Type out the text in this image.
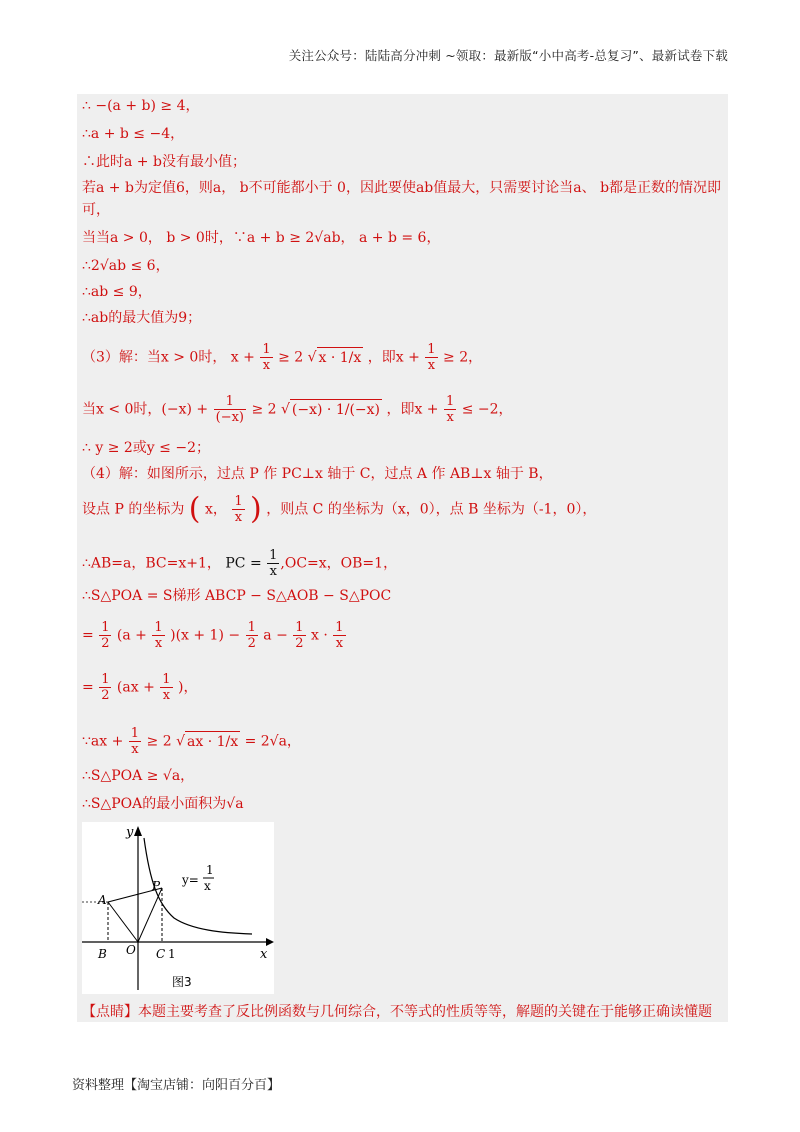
关注公众号：陆陆高分冲刺 ~领取：最新版“小中高考-总复习”、最新试卷下载
∴ −(a + b) ≥ 4，
∴a + b ≤ −4，
∴此时a + b没有最小值；
若a + b为定值6，则a， b不可能都小于 0，因此要使ab值最大，只需要讨论当a、 b都是正数的情况即
可，
当当a > 0， b > 0时，∵a + b ≥ 2√ab， a + b = 6，
∴2√ab ≤ 6，
∴ab ≤ 9，
∴ab的最大值为9；
（3）解：当x > 0时， $x + \frac{1}{x} \ge 2$ √ x · 1/x ，即$x + \frac{1}{x} \ge 2$，
当x < 0时，$(-x) + \frac{1}{(-x)} \ge 2$ √ (−x) · 1/(−x) ，即$x + \frac{1}{x} \le -2$，
∴ y ≥ 2或y ≤ −2；
（4）解：如图所示，过点 P 作 PC⊥x 轴于 C，过点 A 作 AB⊥x 轴于 B，
设点 P 的坐标为 ( x， $\frac{1}{x}$ ) ，则点 C 的坐标为（x，0），点 B 坐标为（-1，0），
∴AB=a，BC=x+1， PC = $\frac{1}{x} ,OC=x$，OB=1，
∴S△POA = S梯形 ABCP − S△AOB − S△POC
= $\frac{1}{2} (a + \frac{1}{x} )(x + 1) - \frac{1}{2}$ $a - \frac{1}{2}$ $x \cdot \frac{1}{x}$
= $\frac{1}{2} (ax + \frac{1}{x}$ )，
∵ax + $\frac{1}{x} \ge 2$ √ ax · 1/x = 2√a，
∴S△POA ≥ √a，
∴S△POA的最小面积为√a
y
x
A
P
B O C 1
y=
1
x
图3
【点睛】本题主要考查了反比例函数与几何综合，不等式的性质等等，解题的关键在于能够正确读懂题
资料整理【淘宝店铺：向阳百分百】
